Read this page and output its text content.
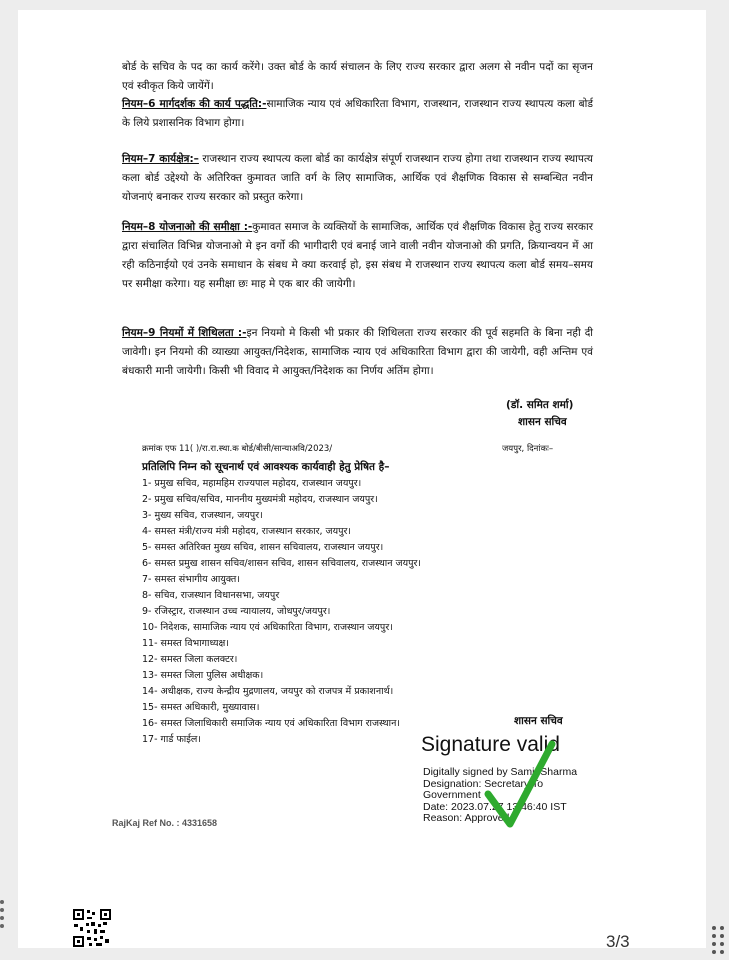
बोर्ड के सचिव के पद का कार्य करेंगे। उक्त बोर्ड के कार्य संचालन के लिए राज्य सरकार द्वारा अलग से नवीन पदों का सृजन एवं स्वीकृत किये जायेंगें।
नियम–6 मार्गदर्शक की कार्य पद्धति:-सामाजिक न्याय एवं अधिकारिता विभाग, राजस्थान, राजस्थान राज्य स्थापत्य कला बोर्ड के लिये प्रशासनिक विभाग होगा।
नियम–7 कार्यक्षेत्र:– राजस्थान राज्य स्थापत्य कला बोर्ड का कार्यक्षेत्र संपूर्ण राजस्थान राज्य होगा तथा राजस्थान राज्य स्थापत्य कला बोर्ड उद्देश्यो के अतिरिक्त कुमावत जाति वर्ग के लिए सामाजिक, आर्थिक एवं शैक्षणिक विकास से सम्बन्धित नवीन योजनाएं बनाकर राज्य सरकार को प्रस्तुत करेगा।
नियम–8 योजनाओ की समीक्षा :-कुमावत समाज के व्यक्तियों के सामाजिक, आर्थिक एवं शैक्षणिक विकास हेतु राज्य सरकार द्वारा संचालित विभिन्न योजनाओ मे इन वर्गो की भागीदारी एवं बनाई जाने वाली नवीन योजनाओ की प्रगति, क्रियान्वयन में आ रही कठिनाईयो एवं उनके समाधान के संबध मे क्या करवाई हो, इस संबध मे राजस्थान राज्य स्थापत्य कला बोर्ड समय–समय पर समीक्षा करेगा। यह समीक्षा छः माह मे एक बार की जायेगी।
नियम–9 नियमों में शिथिलता :-इन नियमो मे किसी भी प्रकार की शिथिलता राज्य सरकार की पूर्व सहमति के बिना नही दी जावेगी। इन नियमो की व्याख्या आयुक्त/निदेशक, सामाजिक न्याय एवं अधिकारिता विभाग द्वारा की जायेगी, वही अन्तिम एवं बंधकारी मानी जायेगी। किसी भी विवाद मे आयुक्त/निदेशक का निर्णय अतिंम होगा।
(डॉ. समित शर्मा)
शासन सचिव
क्रमांक एफ 11( )/रा.रा.स्था.क बोर्ड/बीसी/सान्याअवि/2023/	जयपुर, दिनांकः–
प्रतिलिपि निम्न को सूचनार्थ एवं आवश्यक कार्यवाही हेतु प्रेषित है–
1- प्रमुख सचिव, महामहिम राज्यपाल महोदय, राजस्थान जयपुर।
2- प्रमुख सचिव/सचिव, माननीय मुख्यमंत्री महोदय, राजस्थान जयपुर।
3- मुख्य सचिव, राजस्थान, जयपुर।
4- समस्त मंत्री/राज्य मंत्री महोदय, राजस्थान सरकार, जयपुर।
5- समस्त अतिरिक्त मुख्य सचिव, शासन सचिवालय, राजस्थान जयपुर।
6- समस्त प्रमुख शासन सचिव/शासन सचिव, शासन सचिवालय, राजस्थान जयपुर।
7- समस्त संभागीय आयुक्त।
8- सचिव, राजस्थान विधानसभा, जयपुर
9- रजिस्ट्रार, राजस्थान उच्च न्यायालय, जोधपुर/जयपुर।
10- निदेशक, सामाजिक न्याय एवं अधिकारिता विभाग, राजस्थान जयपुर।
11- समस्त विभागाध्यक्ष।
12- समस्त जिला कलक्टर।
13- समस्त जिला पुलिस अधीक्षक।
14- अधीक्षक, राज्य केन्द्रीय मुद्रणालय, जयपुर को राजपत्र में प्रकाशनार्थ।
15- समस्त अधिकारी, मुख्यावास।
16- समस्त जिलाधिकारी समाजिक न्याय एवं अधिकारिता विभाग राजस्थान।
17- गार्ड फाईल।
शासन सचिव
Signature valid
Digitally signed by Samit Sharma
Designation: Secretary To
Government
Date: 2023.07.27 13:46:40 IST
Reason: Approved
RajKaj Ref No. : 4331658
3/3
